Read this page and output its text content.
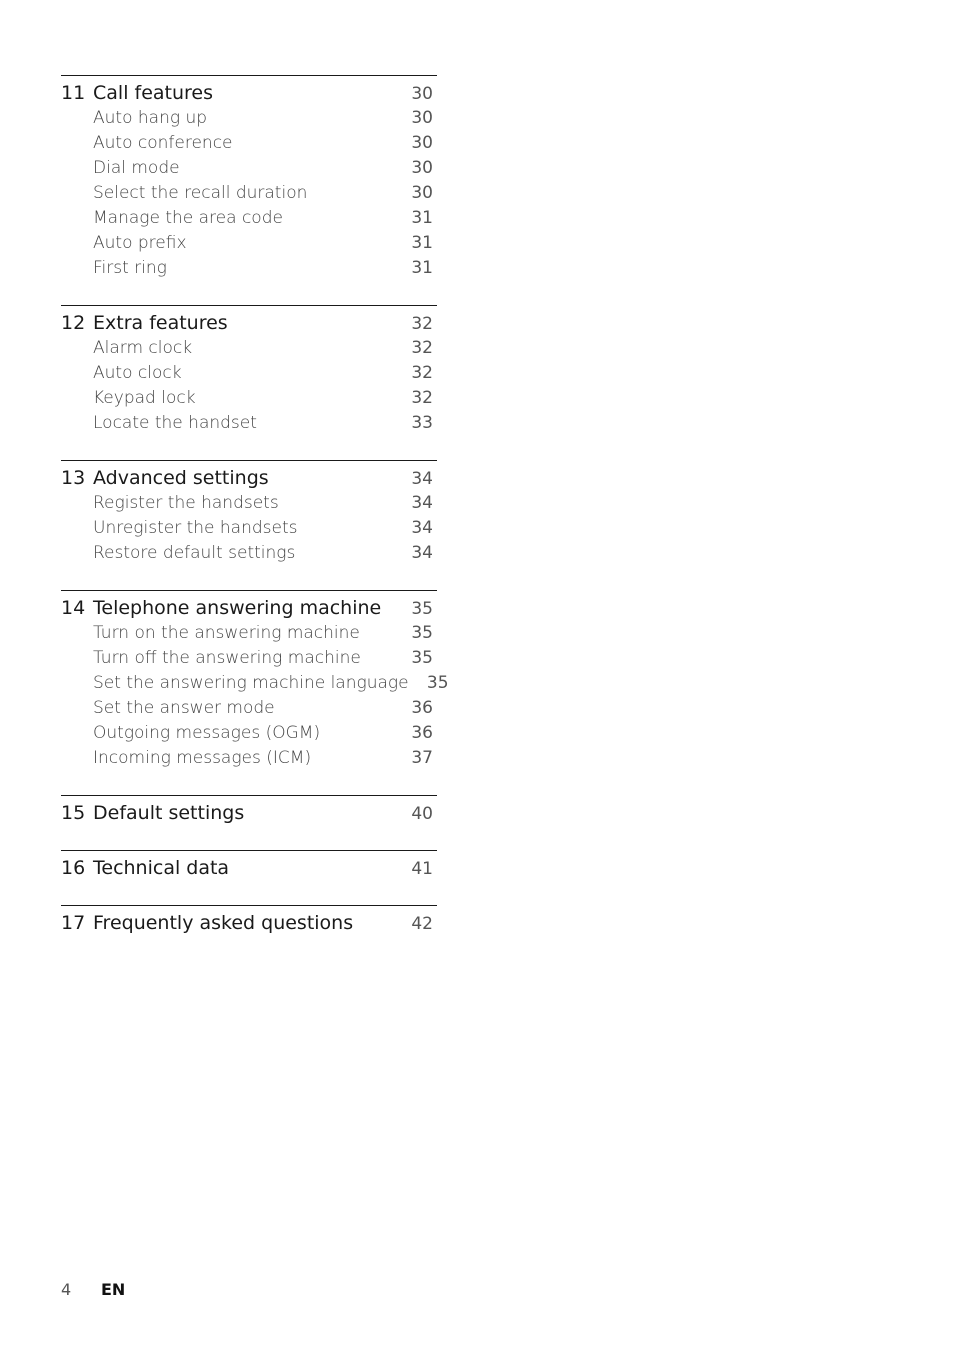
11 Call features	30
Auto hang up	30
Auto conference	30
Dial mode	30
Select the recall duration	30
Manage the area code	31
Auto prefix	31
First ring	31
12 Extra features	32
Alarm clock	32
Auto clock	32
Keypad lock	32
Locate the handset	33
13 Advanced settings	34
Register the handsets	34
Unregister the handsets	34
Restore default settings	34
14 Telephone answering machine	35
Turn on the answering machine	35
Turn off the answering machine	35
Set the answering machine language	35
Set the answer mode	36
Outgoing messages (OGM)	36
Incoming messages (ICM)	37
15 Default settings	40
16 Technical data	41
17 Frequently asked questions	42
4	EN
